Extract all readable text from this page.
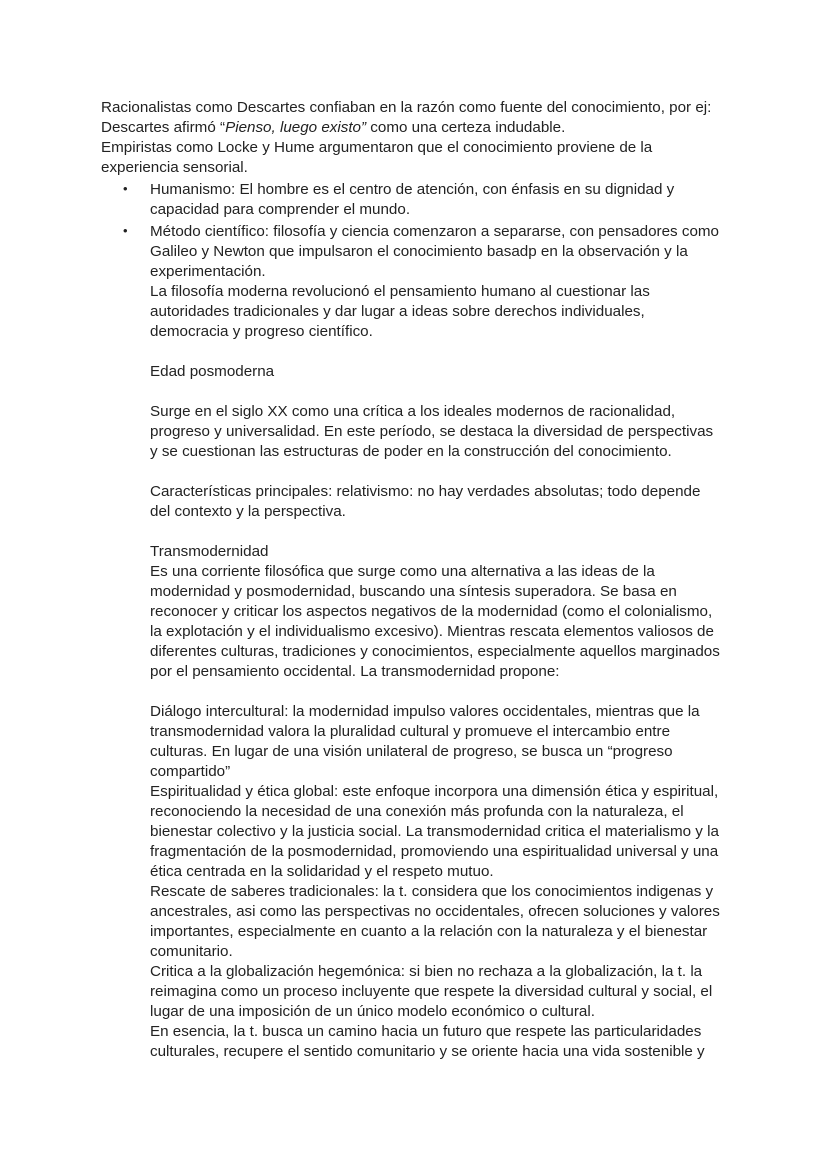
Racionalistas como Descartes confiaban en la razón como fuente del conocimiento, por ej:
Descartes afirmó “Pienso, luego existo” como una certeza indudable.
Empiristas como Locke y Hume argumentaron que el conocimiento proviene de la
experiencia sensorial.
• Humanismo: El hombre es el centro de atención, con énfasis en su dignidad y
capacidad para comprender el mundo.
• Método científico: filosofía y ciencia comenzaron a separarse, con pensadores como
Galileo y Newton que impulsaron el conocimiento basadp en la observación y la
experimentación.
La filosofía moderna revolucionó el pensamiento humano al cuestionar las
autoridades tradicionales y dar lugar a ideas sobre derechos individuales,
democracia y progreso científico.
Edad posmoderna
Surge en el siglo XX como una crítica a los ideales modernos de racionalidad,
progreso y universalidad. En este período, se destaca la diversidad de perspectivas
y se cuestionan las estructuras de poder en la construcción del conocimiento.
Características principales: relativismo: no hay verdades absolutas; todo depende
del contexto y la perspectiva.
Transmodernidad
Es una corriente filosófica que surge como una alternativa a las ideas de la
modernidad y posmodernidad, buscando una síntesis superadora. Se basa en
reconocer y criticar los aspectos negativos de la modernidad (como el colonialismo,
la explotación y el individualismo excesivo). Mientras rescata elementos valiosos de
diferentes culturas, tradiciones y conocimientos, especialmente aquellos marginados
por el pensamiento occidental. La transmodernidad propone:
Diálogo intercultural: la modernidad impulso valores occidentales, mientras que la
transmodernidad valora la pluralidad cultural y promueve el intercambio entre
culturas. En lugar de una visión unilateral de progreso, se busca un “progreso
compartido”
Espiritualidad y ética global: este enfoque incorpora una dimensión ética y espiritual,
reconociendo la necesidad de una conexión más profunda con la naturaleza, el
bienestar colectivo y la justicia social. La transmodernidad critica el materialismo y la
fragmentación de la posmodernidad, promoviendo una espiritualidad universal y una
ética centrada en la solidaridad y el respeto mutuo.
Rescate de saberes tradicionales: la t. considera que los conocimientos indigenas y
ancestrales, asi como las perspectivas no occidentales, ofrecen soluciones y valores
importantes, especialmente en cuanto a la relación con la naturaleza y el bienestar
comunitario.
Critica a la globalización hegemónica: si bien no rechaza a la globalización, la t. la
reimagina como un proceso incluyente que respete la diversidad cultural y social, el
lugar de una imposición de un único modelo económico o cultural.
En esencia, la t. busca un camino hacia un futuro que respete las particularidades
culturales, recupere el sentido comunitario y se oriente hacia una vida sostenible y
